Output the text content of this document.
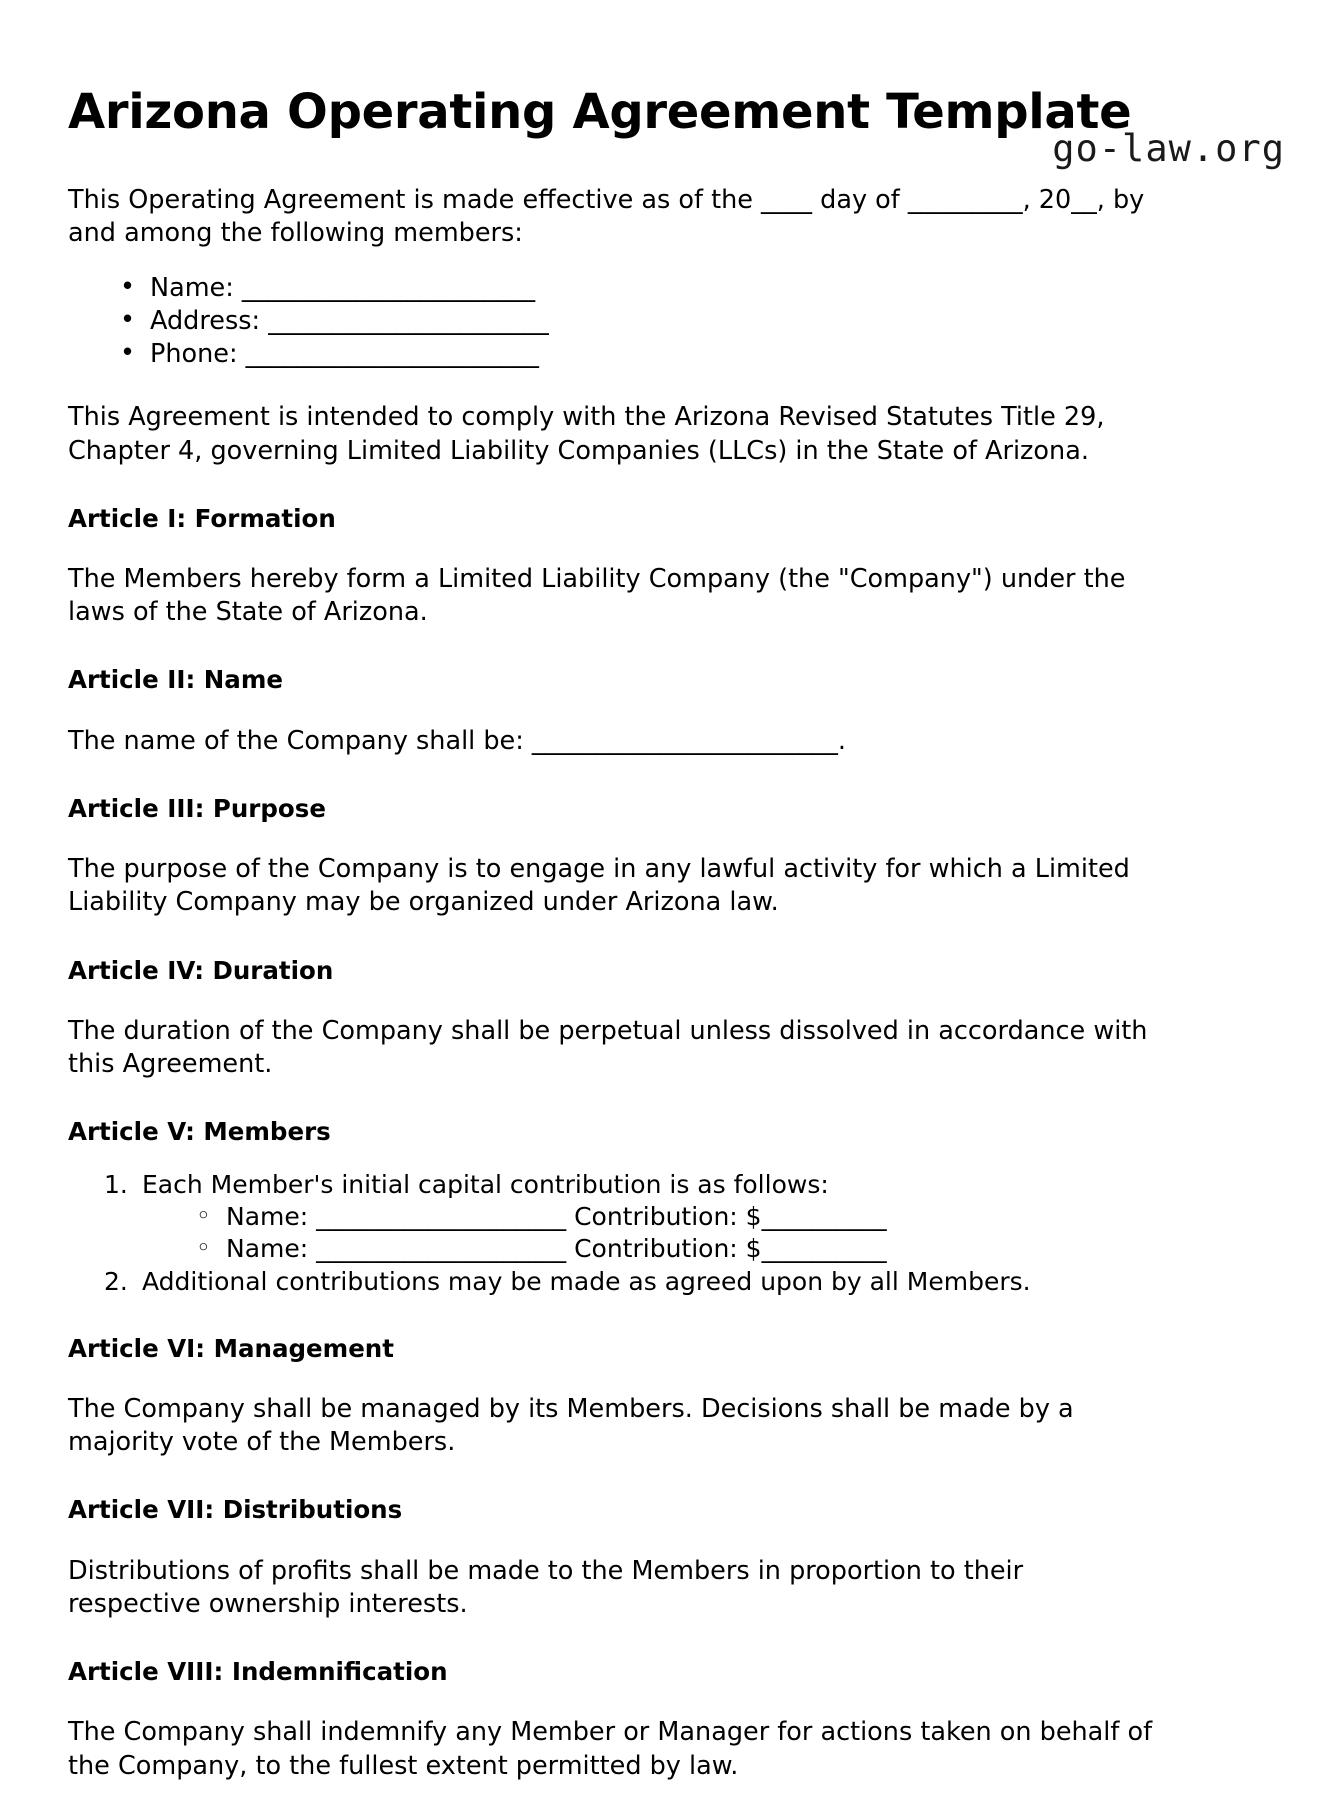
go-law.org
Arizona Operating Agreement Template

This Operating Agreement is made effective as of the ____ day of _________, 20__, by and among the following members:

• Name: _______________________
• Address: ______________________
• Phone: _______________________

This Agreement is intended to comply with the Arizona Revised Statutes Title 29, Chapter 4, governing Limited Liability Companies (LLCs) in the State of Arizona.

Article I: Formation

The Members hereby form a Limited Liability Company (the "Company") under the laws of the State of Arizona.

Article II: Name

The name of the Company shall be: ________________________.

Article III: Purpose

The purpose of the Company is to engage in any lawful activity for which a Limited Liability Company may be organized under Arizona law.

Article IV: Duration

The duration of the Company shall be perpetual unless dissolved in accordance with this Agreement.

Article V: Members
Each Member's initial capital contribution is as follows:
◦ Name: ____________________ Contribution: $__________
◦ Name: ____________________ Contribution: $__________
Additional contributions may be made as agreed upon by all Members.
Article VI: Management

The Company shall be managed by its Members. Decisions shall be made by a majority vote of the Members.

Article VII: Distributions

Distributions of profits shall be made to the Members in proportion to their respective ownership interests.

Article VIII: Indemnification

The Company shall indemnify any Member or Manager for actions taken on behalf of the Company, to the fullest extent permitted by law.
